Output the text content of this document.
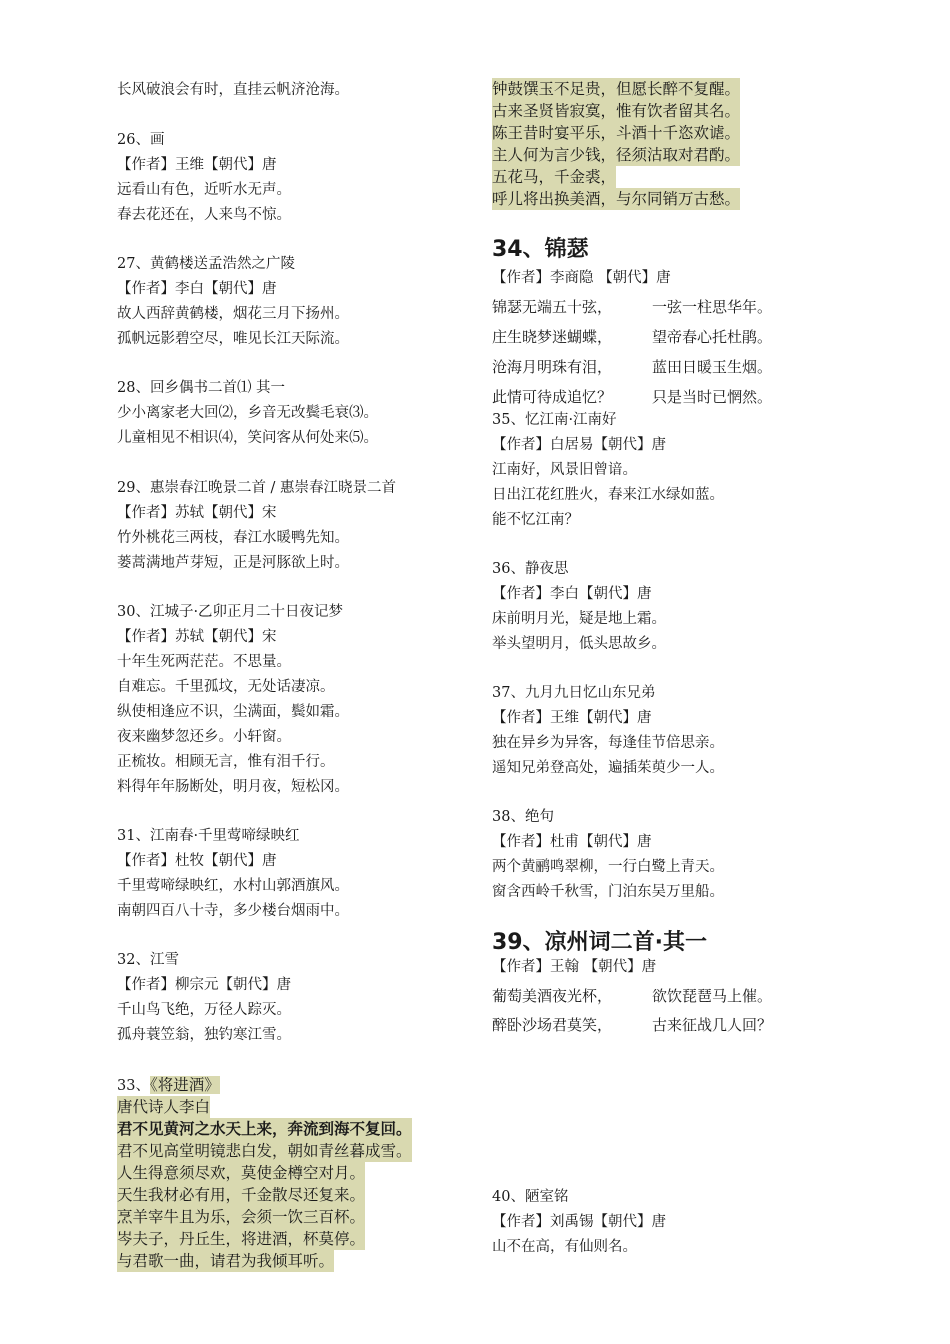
长风破浪会有时，直挂云帆济沧海。
26、画
【作者】王维【朝代】唐
远看山有色，近听水无声。
春去花还在，人来鸟不惊。
27、黄鹤楼送孟浩然之广陵
【作者】李白【朝代】唐
故人西辞黄鹤楼，烟花三月下扬州。
孤帆远影碧空尽，唯见长江天际流。
28、回乡偶书二首⑴ 其一
少小离家老大回⑵，乡音无改鬓毛衰⑶。
儿童相见不相识⑷，笑问客从何处来⑸。
29、惠崇春江晚景二首 / 惠崇春江晓景二首
【作者】苏轼【朝代】宋
竹外桃花三两枝，春江水暖鸭先知。
蒌蒿满地芦芽短，正是河豚欲上时。
30、江城子·乙卯正月二十日夜记梦
【作者】苏轼【朝代】宋
十年生死两茫茫。不思量。
自难忘。千里孤坟，无处话凄凉。
纵使相逢应不识，尘满面，鬓如霜。
夜来幽梦忽还乡。小轩窗。
正梳妆。相顾无言，惟有泪千行。
料得年年肠断处，明月夜，短松冈。
31、江南春·千里莺啼绿映红
【作者】杜牧【朝代】唐
千里莺啼绿映红，水村山郭酒旗风。
南朝四百八十寺，多少楼台烟雨中。
32、江雪
【作者】柳宗元【朝代】唐
千山鸟飞绝，万径人踪灭。
孤舟蓑笠翁，独钓寒江雪。
33、《将进酒》
唐代诗人李白
君不见黄河之水天上来，奔流到海不复回。
君不见高堂明镜悲白发，朝如青丝暮成雪。
人生得意须尽欢，莫使金樽空对月。
天生我材必有用，千金散尽还复来。
烹羊宰牛且为乐，会须一饮三百杯。
岑夫子，丹丘生，将进酒，杯莫停。
与君歌一曲，请君为我倾耳听。
钟鼓馔玉不足贵，但愿长醉不复醒。
古来圣贤皆寂寞，惟有饮者留其名。
陈王昔时宴平乐，斗酒十千恣欢谑。
主人何为言少钱，径须沽取对君酌。
五花马，千金裘，
呼儿将出换美酒，与尔同销万古愁。
34、锦瑟
【作者】李商隐 【朝代】唐
锦瑟无端五十弦，	一弦一柱思华年。
庄生晓梦迷蝴蝶，	望帝春心托杜鹃。
沧海月明珠有泪，	蓝田日暖玉生烟。
此情可待成追忆？	只是当时已惘然。
35、忆江南·江南好
【作者】白居易【朝代】唐
江南好，风景旧曾谙。
日出江花红胜火，春来江水绿如蓝。
能不忆江南？
36、静夜思
【作者】李白【朝代】唐
床前明月光，疑是地上霜。
举头望明月，低头思故乡。
37、九月九日忆山东兄弟
【作者】王维【朝代】唐
独在异乡为异客，每逢佳节倍思亲。
遥知兄弟登高处，遍插茱萸少一人。
38、绝句
【作者】杜甫【朝代】唐
两个黄鹂鸣翠柳，一行白鹭上青天。
窗含西岭千秋雪，门泊东吴万里船。
39、凉州词二首·其一
【作者】王翰 【朝代】唐
葡萄美酒夜光杯，	欲饮琵琶马上催。
醉卧沙场君莫笑，	古来征战几人回？
40、陋室铭
【作者】刘禹锡【朝代】唐
山不在高，有仙则名。
